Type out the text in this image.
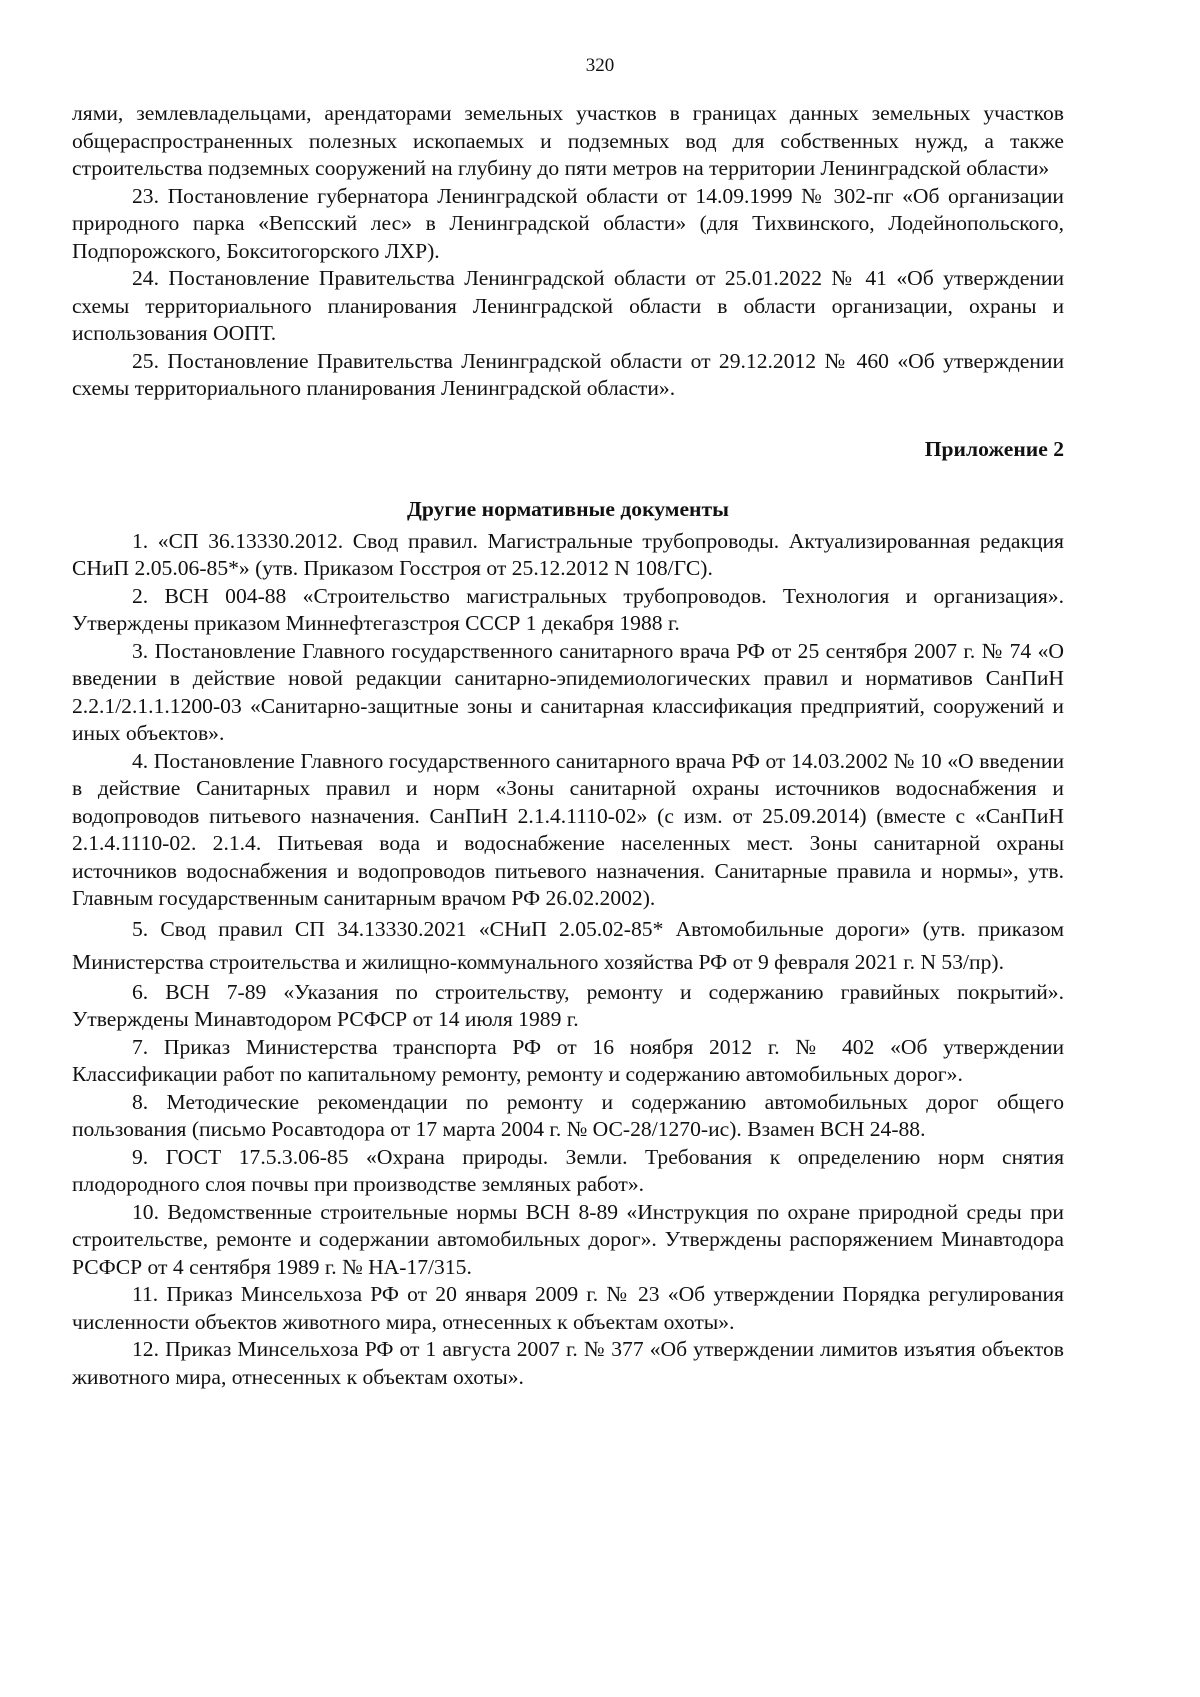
320

лями, землевладельцами, арендаторами земельных участков в границах данных земельных участков общераспространенных полезных ископаемых и подземных вод для собственных нужд, а также строительства подземных сооружений на глубину до пяти метров на территории Ленинградской области»

23. Постановление губернатора Ленинградской области от 14.09.1999 № 302-пг «Об организации природного парка «Вепсский лес» в Ленинградской области» (для Тихвинского, Лодейнопольского, Подпорожского, Бокситогорского ЛХР).

24. Постановление Правительства Ленинградской области от 25.01.2022 № 41 «Об утверждении схемы территориального планирования Ленинградской области в области организации, охраны и использования ООПТ.

25. Постановление Правительства Ленинградской области от 29.12.2012 № 460 «Об утверждении схемы территориального планирования Ленинградской области».

Приложение 2
Другие нормативные документы

1. «СП 36.13330.2012. Свод правил. Магистральные трубопроводы. Актуализированная редакция СНиП 2.05.06-85*» (утв. Приказом Госстроя от 25.12.2012 N 108/ГС).

2. ВСН 004-88 «Строительство магистральных трубопроводов. Технология и организация». Утверждены приказом Миннефтегазстроя СССР 1 декабря 1988 г.

3. Постановление Главного государственного санитарного врача РФ от 25 сентября 2007 г. № 74 «О введении в действие новой редакции санитарно-эпидемиологических правил и нормативов СанПиН 2.2.1/2.1.1.1200-03 «Санитарно-защитные зоны и санитарная классификация предприятий, сооружений и иных объектов».

4. Постановление Главного государственного санитарного врача РФ от 14.03.2002 № 10 «О введении в действие Санитарных правил и норм «Зоны санитарной охраны источников водоснабжения и водопроводов питьевого назначения. СанПиН 2.1.4.1110-02» (с изм. от 25.09.2014) (вместе с «СанПиН 2.1.4.1110-02. 2.1.4. Питьевая вода и водоснабжение населенных мест. Зоны санитарной охраны источников водоснабжения и водопроводов питьевого назначения. Санитарные правила и нормы», утв. Главным государственным санитарным врачом РФ 26.02.2002).

5. Свод правил СП 34.13330.2021 «СНиП 2.05.02-85* Автомобильные дороги» (утв. приказом Министерства строительства и жилищно-коммунального хозяйства РФ от 9 февраля 2021 г. N 53/пр).

6. ВСН 7-89 «Указания по строительству, ремонту и содержанию гравийных покрытий». Утверждены Минавтодором РСФСР от 14 июля 1989 г.

7. Приказ Министерства транспорта РФ от 16 ноября 2012 г. № 402 «Об утверждении Классификации работ по капитальному ремонту, ремонту и содержанию автомобильных дорог».

8. Методические рекомендации по ремонту и содержанию автомобильных дорог общего пользования (письмо Росавтодора от 17 марта 2004 г. № ОС-28/1270-ис). Взамен ВСН 24-88.

9. ГОСТ 17.5.3.06-85 «Охрана природы. Земли. Требования к определению норм снятия плодородного слоя почвы при производстве земляных работ».

10. Ведомственные строительные нормы ВСН 8-89 «Инструкция по охране природной среды при строительстве, ремонте и содержании автомобильных дорог». Утверждены распоряжением Минавтодора РСФСР от 4 сентября 1989 г. № НА-17/315.

11. Приказ Минсельхоза РФ от 20 января 2009 г. № 23 «Об утверждении Порядка регулирования численности объектов животного мира, отнесенных к объектам охоты».

12. Приказ Минсельхоза РФ от 1 августа 2007 г. № 377 «Об утверждении лимитов изъятия объектов животного мира, отнесенных к объектам охоты».
